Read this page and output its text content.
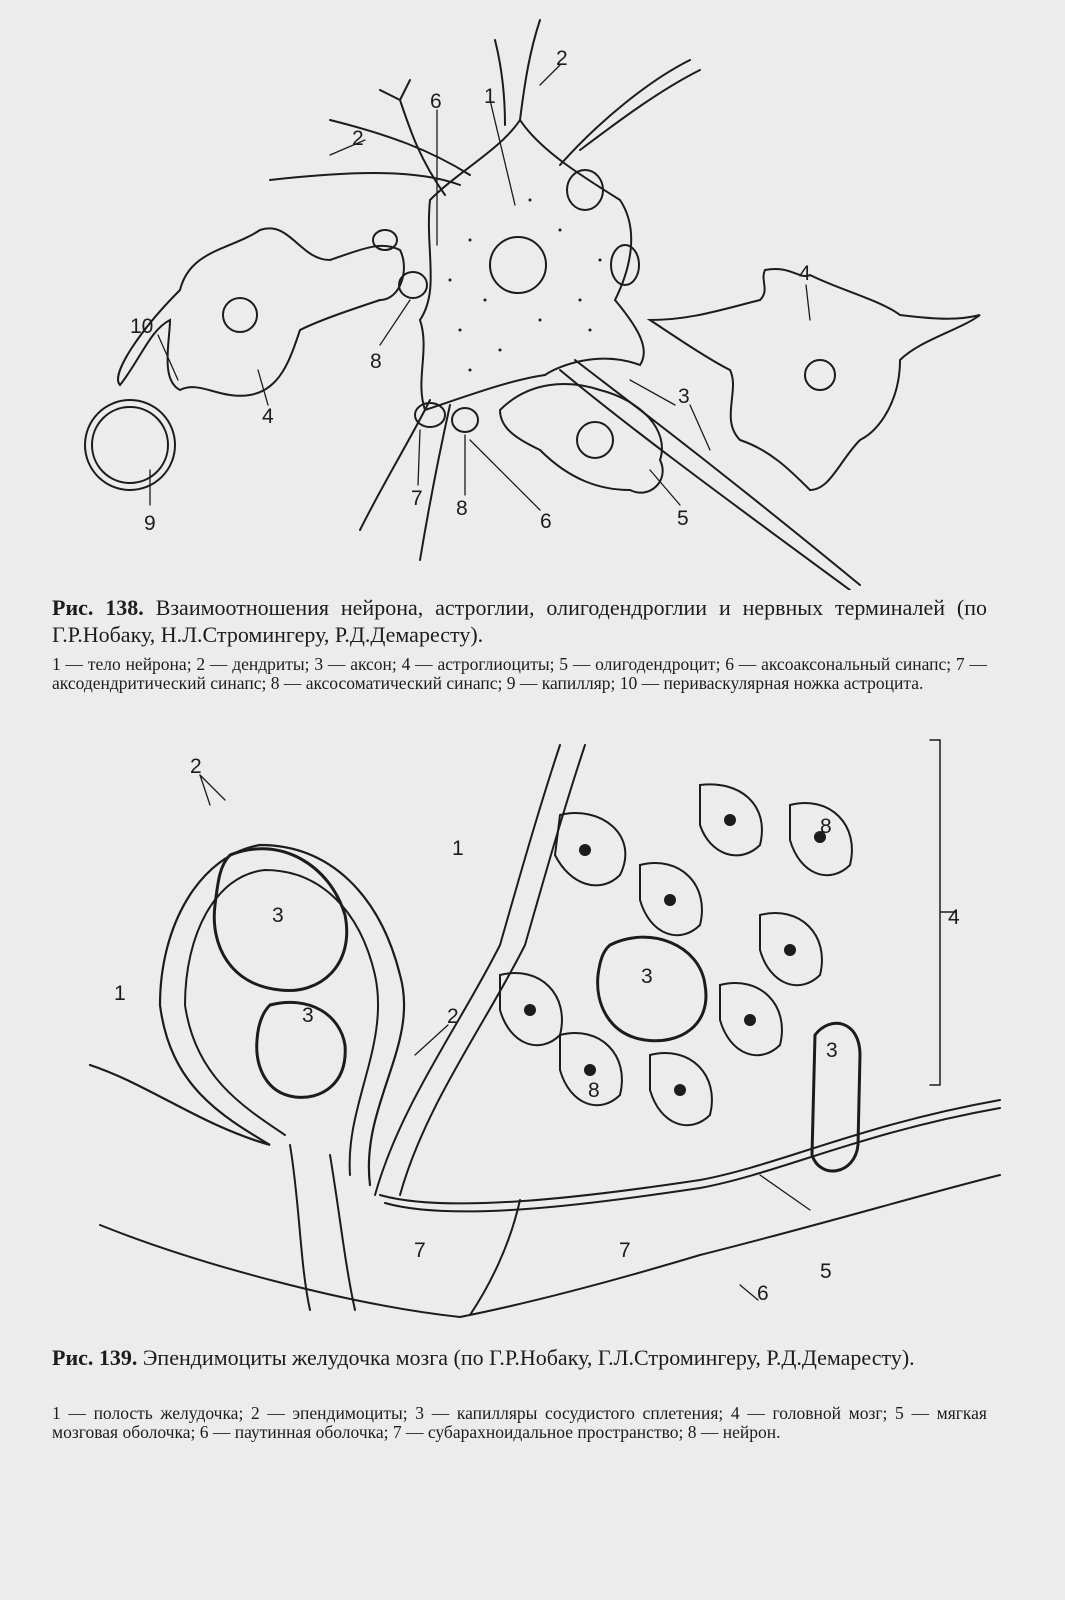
1
2
2
6
10
4
8
9
7 8
6
3
5
4
Рис. 138. Взаимоотношения нейрона, астроглии, олигодендроглии и нервных терминалей (по Г.Р.Нобаку, Н.Л.Стромингеру, Р.Д.Демаресту).
1 — тело нейрона; 2 — дендриты; 3 — аксон; 4 — астроглиоциты; 5 — олигодендроцит; 6 — аксоаксональный синапс; 7 — аксодендритический синапс; 8 — аксосоматический синапс; 9 — капилляр; 10 — периваскулярная ножка астроцита.
2
1
8
4
3
1
3
3
2
3
8
7	7
5
6
Рис. 139. Эпендимоциты желудочка мозга (по Г.Р.Нобаку, Г.Л.Стромингеру, Р.Д.Демаресту).
1 — полость желудочка; 2 — эпендимоциты; 3 — капилляры сосудистого сплетения; 4 — головной мозг; 5 — мягкая мозговая оболочка; 6 — паутинная оболочка; 7 — субарахноидальное пространство; 8 — нейрон.
